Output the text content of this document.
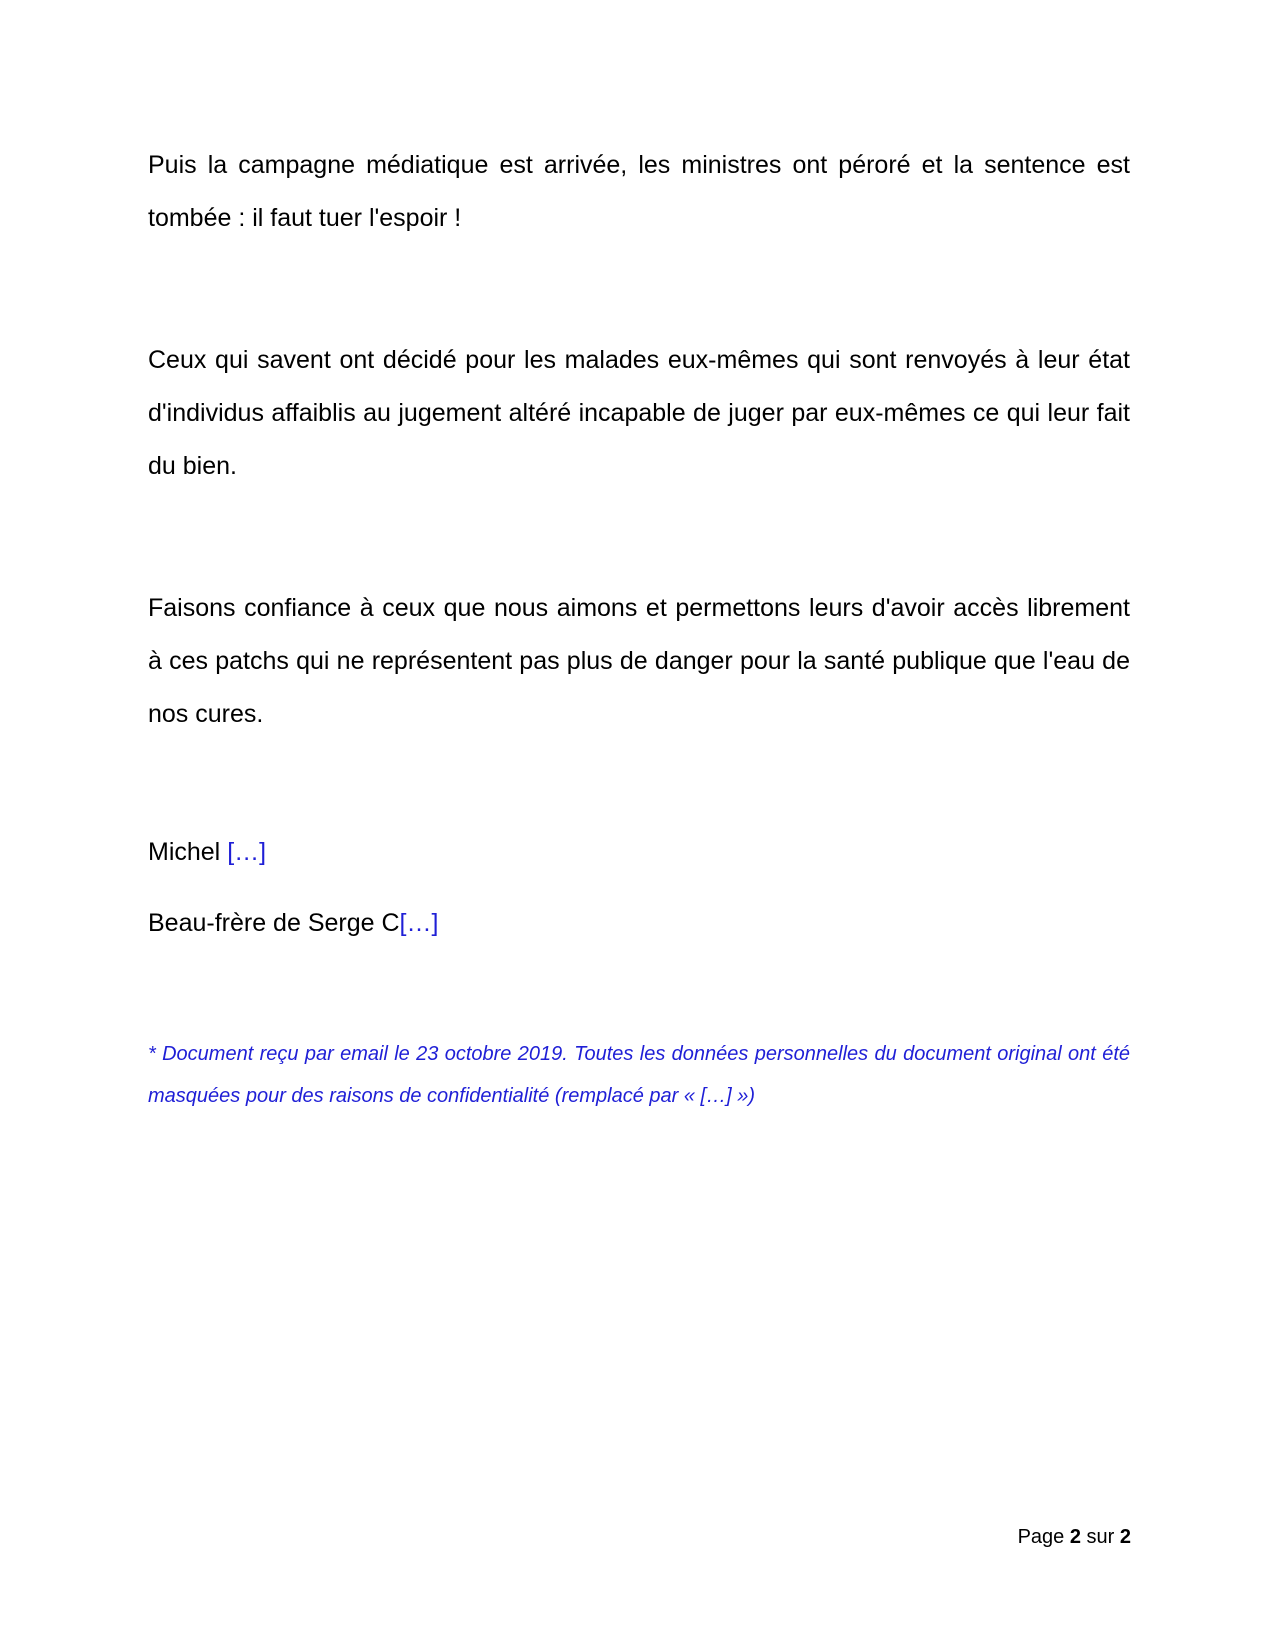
Puis la campagne médiatique est arrivée, les ministres ont péroré et la sentence est tombée : il faut tuer l'espoir !

Ceux qui savent ont décidé pour les malades eux-mêmes qui sont renvoyés à leur état d'individus affaiblis au jugement altéré incapable de juger par eux-mêmes ce qui leur fait du bien.

Faisons confiance à ceux que nous aimons et permettons leurs d'avoir accès librement à ces patchs qui ne représentent pas plus de danger pour la santé publique que l'eau de nos cures.

Michel […]

Beau-frère de Serge C[…]

* Document reçu par email le 23 octobre 2019. Toutes les données personnelles du document original ont été masquées pour des raisons de confidentialité (remplacé par « […] »)

Page 2 sur 2
